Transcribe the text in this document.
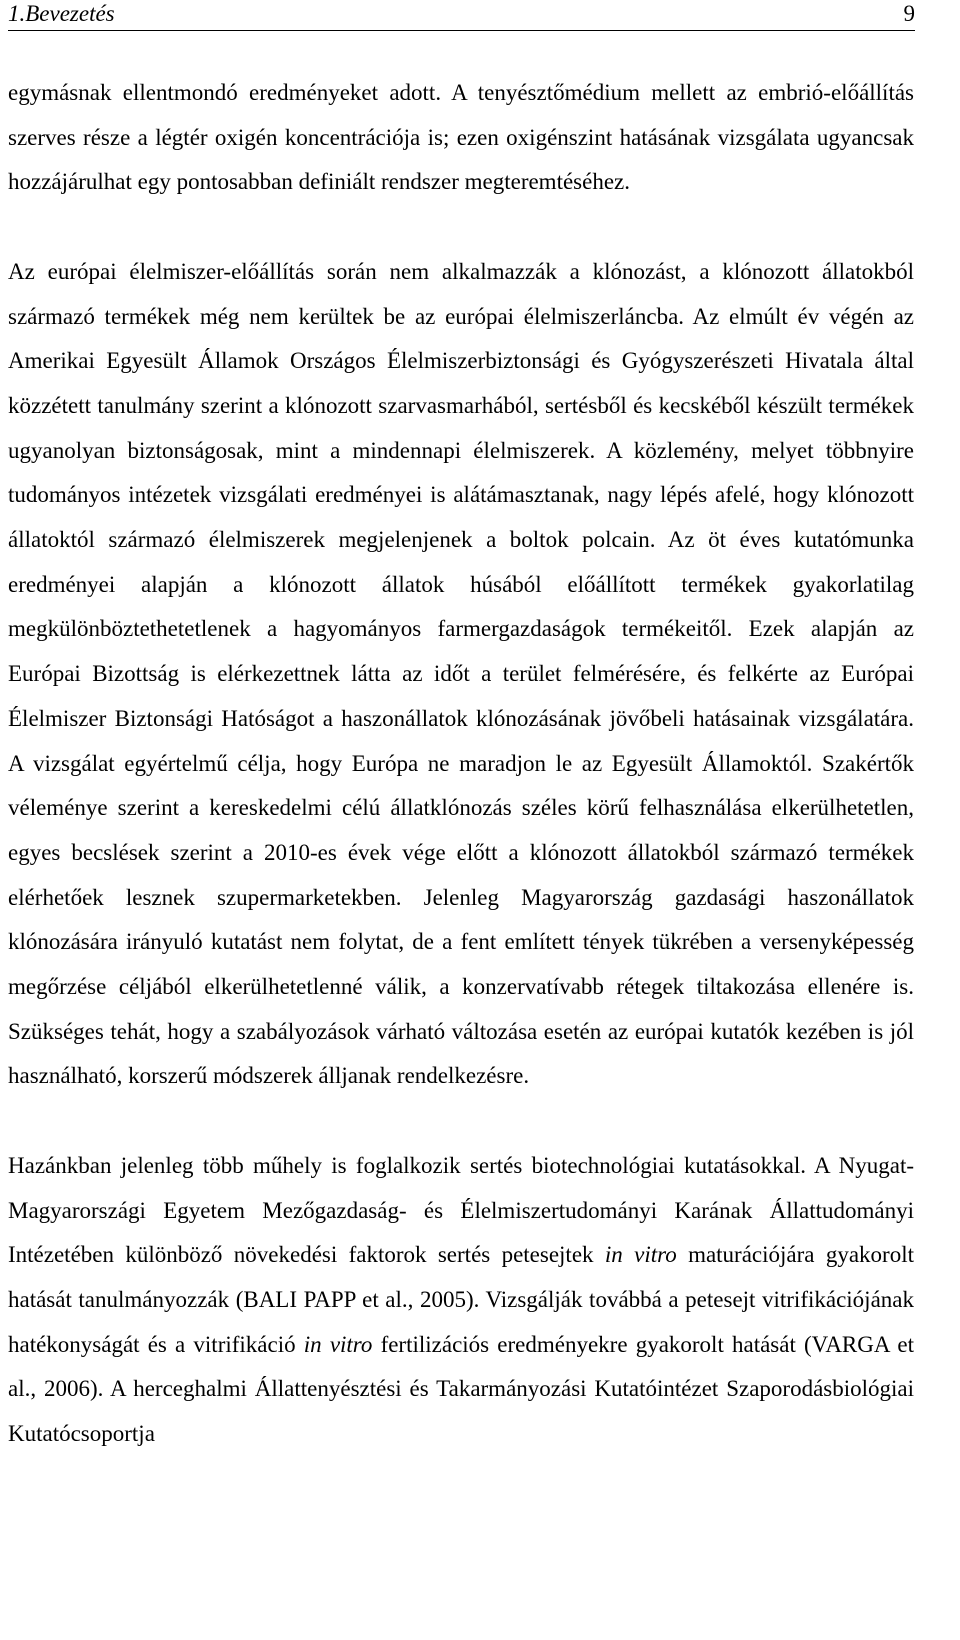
1.Bevezetés	9

egymásnak ellentmondó eredményeket adott. A tenyésztőmédium mellett az embrió-előállítás szerves része a légtér oxigén koncentrációja is; ezen oxigénszint hatásának vizsgálata ugyancsak hozzájárulhat egy pontosabban definiált rendszer megteremtéséhez.

Az európai élelmiszer-előállítás során nem alkalmazzák a klónozást, a klónozott állatokból származó termékek még nem kerültek be az európai élelmiszerláncba. Az elmúlt év végén az Amerikai Egyesült Államok Országos Élelmiszerbiztonsági és Gyógyszerészeti Hivatala által közzétett tanulmány szerint a klónozott szarvasmarhából, sertésből és kecskéből készült termékek ugyanolyan biztonságosak, mint a mindennapi élelmiszerek. A közlemény, melyet többnyire tudományos intézetek vizsgálati eredményei is alátámasztanak, nagy lépés afelé, hogy klónozott állatoktól származó élelmiszerek megjelenjenek a boltok polcain. Az öt éves kutatómunka eredményei alapján a klónozott állatok húsából előállított termékek gyakorlatilag megkülönböztethetetlenek a hagyományos farmergazdaságok termékeitől. Ezek alapján az Európai Bizottság is elérkezettnek látta az időt a terület felmérésére, és felkérte az Európai Élelmiszer Biztonsági Hatóságot a haszonállatok klónozásának jövőbeli hatásainak vizsgálatára. A vizsgálat egyértelmű célja, hogy Európa ne maradjon le az Egyesült Államoktól. Szakértők véleménye szerint a kereskedelmi célú állatklónozás széles körű felhasználása elkerülhetetlen, egyes becslések szerint a 2010-es évek vége előtt a klónozott állatokból származó termékek elérhetőek lesznek szupermarketekben. Jelenleg Magyarország gazdasági haszonállatok klónozására irányuló kutatást nem folytat, de a fent említett tények tükrében a versenyképesség megőrzése céljából elkerülhetetlenné válik, a konzervatívabb rétegek tiltakozása ellenére is. Szükséges tehát, hogy a szabályozások várható változása esetén az európai kutatók kezében is jól használható, korszerű módszerek álljanak rendelkezésre.

Hazánkban jelenleg több műhely is foglalkozik sertés biotechnológiai kutatásokkal. A Nyugat-Magyarországi Egyetem Mezőgazdaság- és Élelmiszertudományi Karának Állattudományi Intézetében különböző növekedési faktorok sertés petesejtek in vitro maturációjára gyakorolt hatását tanulmányozzák (BALI PAPP et al., 2005). Vizsgálják továbbá a petesejt vitrifikációjának hatékonyságát és a vitrifikáció in vitro fertilizációs eredményekre gyakorolt hatását (VARGA et al., 2006). A herceghalmi Állattenyésztési és Takarmányozási Kutatóintézet Szaporodásbiológiai Kutatócsoportja
